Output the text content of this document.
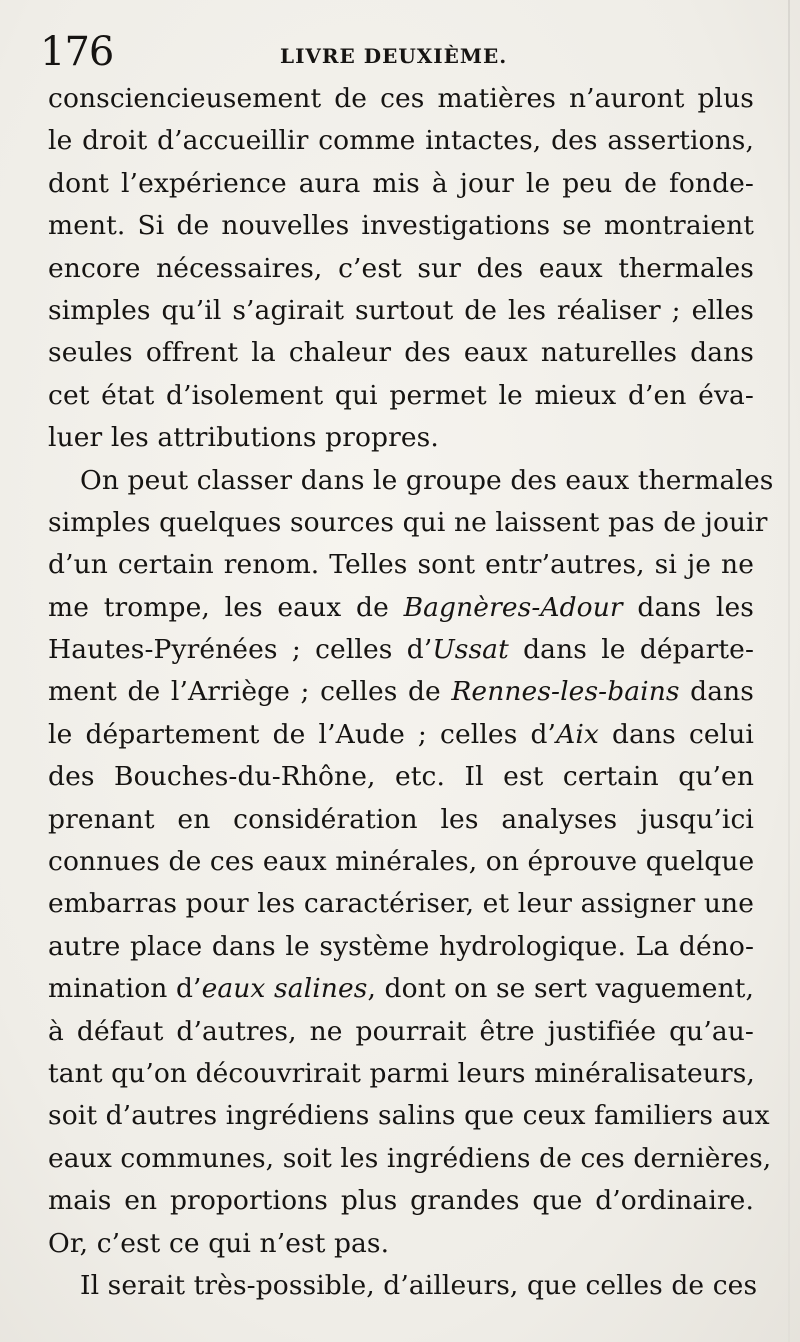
176	LIVRE DEUXIÈME.
consciencieusement de ces matières n’auront plus
le droit d’accueillir comme intactes, des assertions,
dont l’expérience aura mis à jour le peu de fonde-
ment. Si de nouvelles investigations se montraient
encore nécessaires, c’est sur des eaux thermales
simples qu’il s’agirait surtout de les réaliser ; elles
seules offrent la chaleur des eaux naturelles dans
cet état d’isolement qui permet le mieux d’en éva-
luer les attributions propres.
On peut classer dans le groupe des eaux thermales
simples quelques sources qui ne laissent pas de jouir
d’un certain renom. Telles sont entr’autres, si je ne
me trompe, les eaux de Bagnères-Adour dans les
Hautes-Pyrénées ; celles d’Ussat dans le départe-
ment de l’Arriège ; celles de Rennes-les-bains dans
le département de l’Aude ; celles d’Aix dans celui
des Bouches-du-Rhône, etc. Il est certain qu’en
prenant en considération les analyses jusqu’ici
connues de ces eaux minérales, on éprouve quelque
embarras pour les caractériser, et leur assigner une
autre place dans le système hydrologique. La déno-
mination d’eaux salines, dont on se sert vaguement,
à défaut d’autres, ne pourrait être justifiée qu’au-
tant qu’on découvrirait parmi leurs minéralisateurs,
soit d’autres ingrédiens salins que ceux familiers aux
eaux communes, soit les ingrédiens de ces dernières,
mais en proportions plus grandes que d’ordinaire.
Or, c’est ce qui n’est pas.
Il serait très-possible, d’ailleurs, que celles de ces
